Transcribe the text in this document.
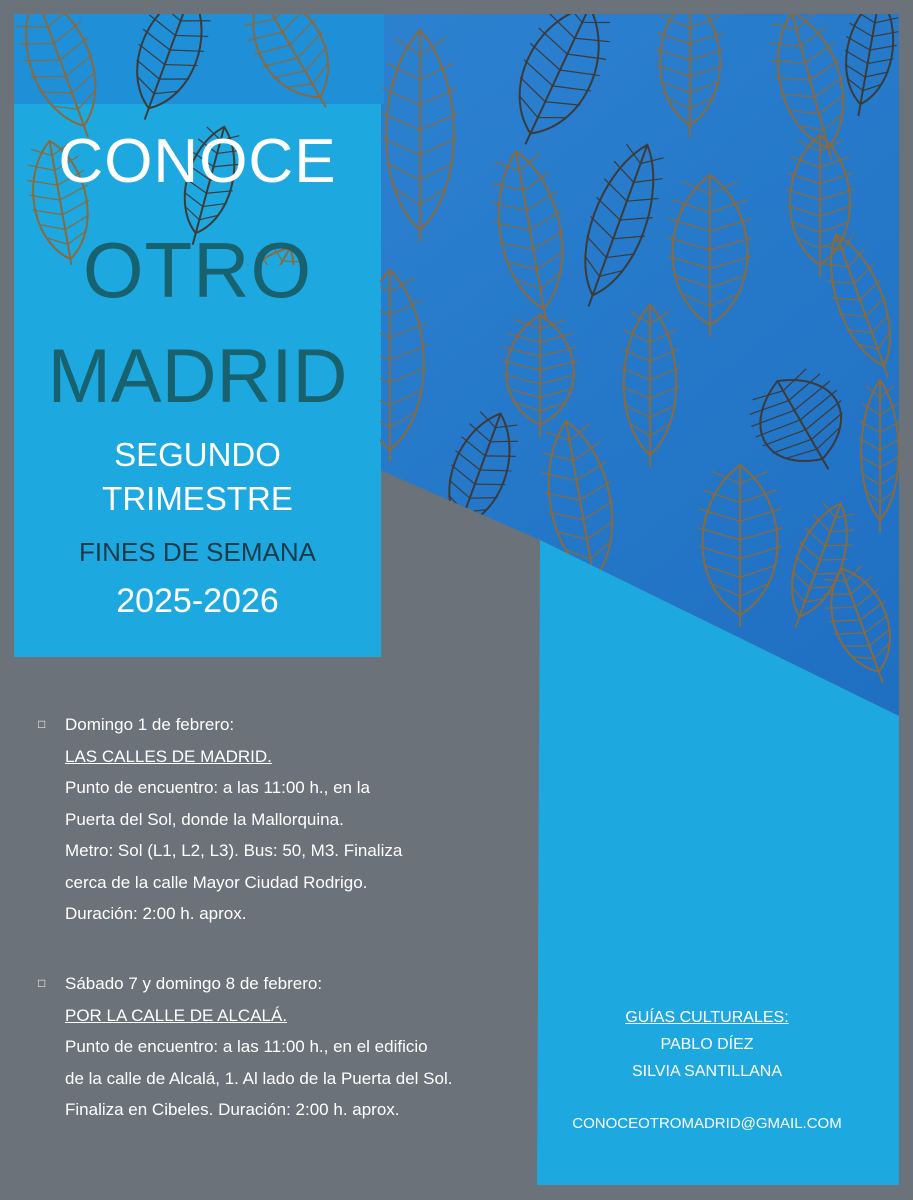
CONOCE
OTRO
MADRID
SEGUNDO
TRIMESTRE
FINES DE SEMANA
2025-2026
□	Domingo 1 de febrero:
LAS CALLES DE MADRID.
Punto de encuentro: a las 11:00 h., en la
Puerta del Sol, donde la Mallorquina.
Metro: Sol (L1, L2, L3). Bus: 50, M3. Finaliza
cerca de la calle Mayor Ciudad Rodrigo.
Duración: 2:00 h. aprox.
□	Sábado 7 y domingo 8 de febrero:
POR LA CALLE DE ALCALÁ.
Punto de encuentro: a las 11:00 h., en el edificio
de la calle de Alcalá, 1. Al lado de la Puerta del Sol.
Finaliza en Cibeles. Duración: 2:00 h. aprox.
GUÍAS CULTURALES:
PABLO DÍEZ
SILVIA SANTILLANA
CONOCEOTROMADRID@GMAIL.COM
